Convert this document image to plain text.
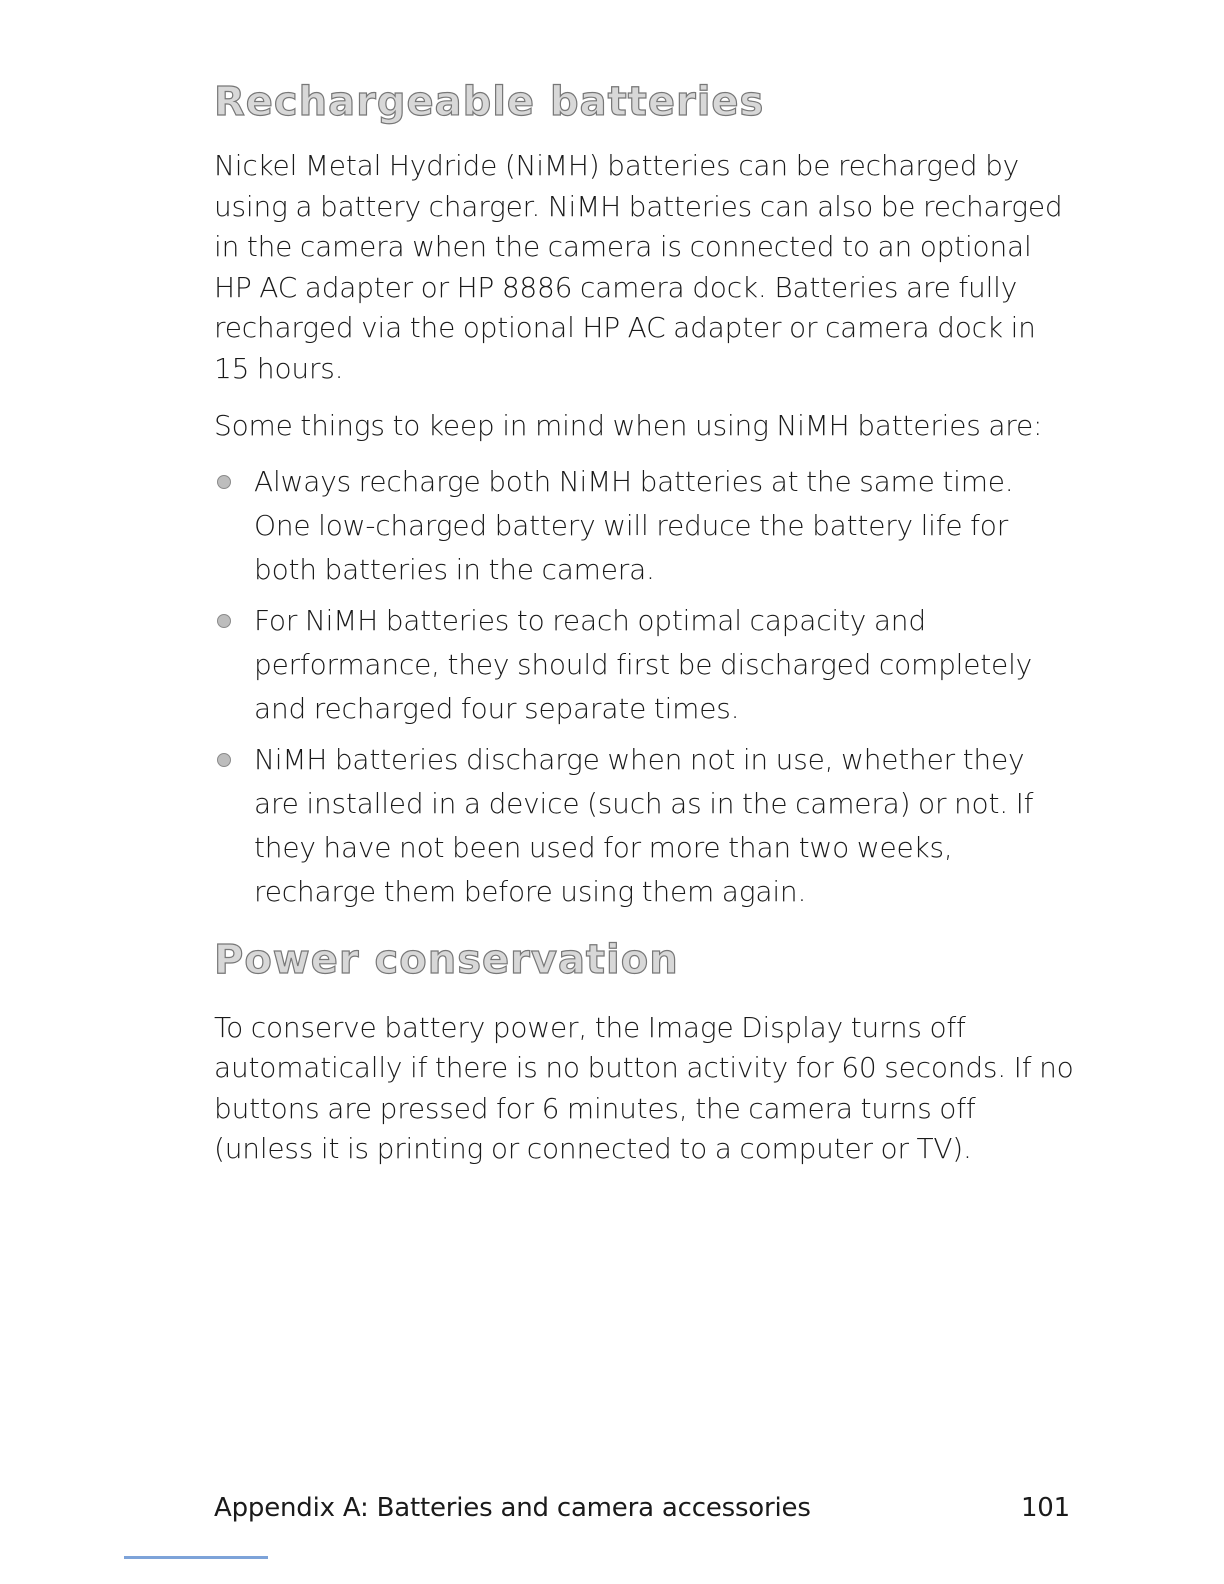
Rechargeable batteries

Nickel Metal Hydride (NiMH) batteries can be recharged by using a battery charger. NiMH batteries can also be recharged in the camera when the camera is connected to an optional HP AC adapter or HP 8886 camera dock. Batteries are fully recharged via the optional HP AC adapter or camera dock in 15 hours.

Some things to keep in mind when using NiMH batteries are:

Always recharge both NiMH batteries at the same time. One low-charged battery will reduce the battery life for both batteries in the camera.
For NiMH batteries to reach optimal capacity and performance, they should first be discharged completely and recharged four separate times.
NiMH batteries discharge when not in use, whether they are installed in a device (such as in the camera) or not. If they have not been used for more than two weeks, recharge them before using them again.
Power conservation

To conserve battery power, the Image Display turns off automatically if there is no button activity for 60 seconds. If no buttons are pressed for 6 minutes, the camera turns off (unless it is printing or connected to a computer or TV).

Appendix A: Batteries and camera accessories	101
